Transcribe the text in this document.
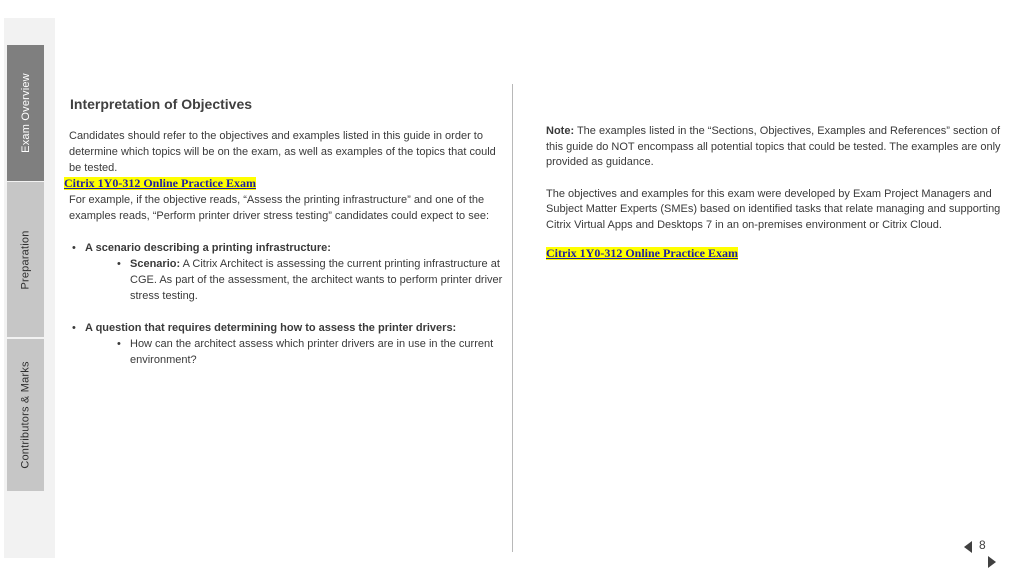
Exam Overview
Preparation
Contributors & Marks
Interpretation of Objectives

Candidates should refer to the objectives and examples listed in this guide in order to determine which topics will be on the exam, as well as examples of the topics that could be tested.

Citrix 1Y0-312 Online Practice Exam

For example, if the objective reads, “Assess the printing infrastructure” and one of the examples reads, “Perform printer driver stress testing” candidates could expect to see:

• A scenario describing a printing infrastructure:
• Scenario: A Citrix Architect is assessing the current printing infrastructure at CGE. As part of the assessment, the architect wants to perform printer driver stress testing.
• A question that requires determining how to assess the printer drivers:
• How can the architect assess which printer drivers are in use in the current environment?

Note: The examples listed in the “Sections, Objectives, Examples and References” section of this guide do NOT encompass all potential topics that could be tested. The examples are only provided as guidance.

The objectives and examples for this exam were developed by Exam Project Managers and Subject Matter Experts (SMEs) based on identified tasks that relate managing and supporting Citrix Virtual Apps and Desktops 7 in an on-premises environment or Citrix Cloud.

Citrix 1Y0-312 Online Practice Exam
8
